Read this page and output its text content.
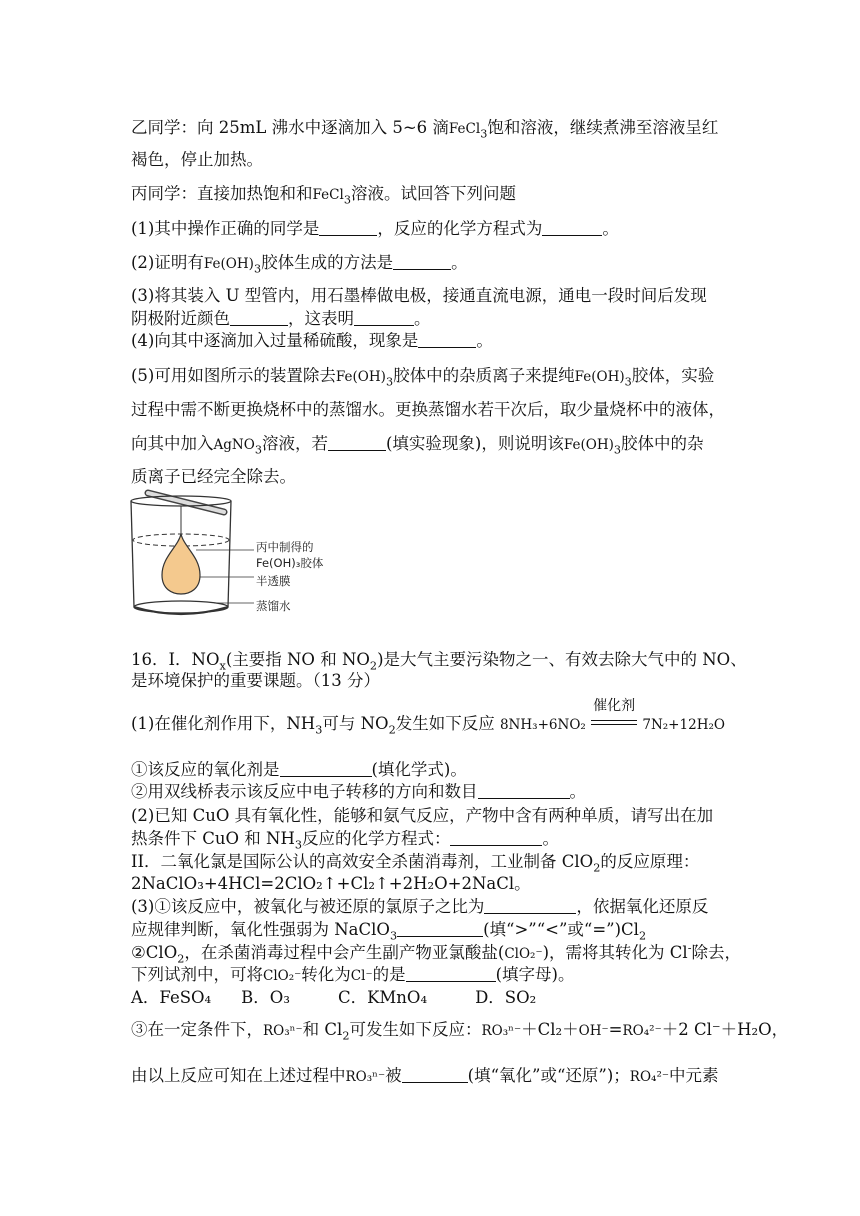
乙同学：向 25mL 沸水中逐滴加入 5~6 滴FeCl$_3$饱和溶液，继续煮沸至溶液呈红
褐色，停止加热。
丙同学：直接加热饱和和FeCl$_3$溶液。试回答下列问题
(1)其中操作正确的同学是	，反应的化学方程式为	。
(2)证明有$Fe(OH)_3$胶体生成的方法是	。
(3)将其装入 U 型管内，用石墨棒做电极，接通直流电源，通电一段时间后发现
阴极附近颜色	，这表明	。
(4)向其中逐滴加入过量稀硫酸，现象是	。
(5)可用如图所示的装置除去$Fe(OH)_3$胶体中的杂质离子来提纯$Fe(OH)_3$胶体，实验
过程中需不断更换烧杯中的蒸馏水。更换蒸馏水若干次后，取少量烧杯中的液体，
向其中加入AgNO$_3$溶液，若	(填实验现象)，则说明该$Fe(OH)_3$胶体中的杂
质离子已经完全除去。
丙中制得的
Fe(OH)₃胶体
半透膜
蒸馏水
16．I．$NO_x$(主要指 NO 和 $NO_2$)是大气主要污染物之一、有效去除大气中的 NO、
是环境保护的重要课题。（13 分）
(1)在催化剂作用下，$NH_3$可与 $NO_2$发生如下反应 8NH₃+6NO₂
催化剂
7N₂+12H₂O
①该反应的氧化剂是	(填化学式)。
②用双线桥表示该反应中电子转移的方向和数目	。
(2)已知 CuO 具有氧化性，能够和氨气反应，产物中含有两种单质，请写出在加
热条件下 CuO 和 $NH_3$反应的化学方程式：	。
II．二氧化氯是国际公认的高效安全杀菌消毒剂，工业制备 ClO$_2$的反应原理：
2NaClO₃+4HCl=2ClO₂↑+Cl₂↑+2H₂O+2NaCl。
(3)①该反应中，被氧化与被还原的氯原子之比为	，依据氧化还原反
应规律判断，氧化性强弱为 NaClO$_3$	(填“>”“<”或“$=”)Cl_2$
②ClO$_2$，在杀菌消毒过程中会产生副产物亚氯酸盐(ClO₂⁻)，需将其转化为 Cl-除去，
下列试剂中，可将ClO₂⁻转化为Cl⁻的是	(填字母)。
A．FeSO₄ B．O₃	C．KMnO₄	D．SO₂
③在一定条件下，RO₃ⁿ⁻和 $Cl_2$可发生如下反应：RO₃ⁿ⁻＋Cl₂＋OH⁻=RO₄²⁻＋2 Cl⁻＋H₂O，
由以上反应可知在上述过程中RO₃ⁿ⁻被	(填“氧化”或“还原”)；RO₄²⁻中元素
